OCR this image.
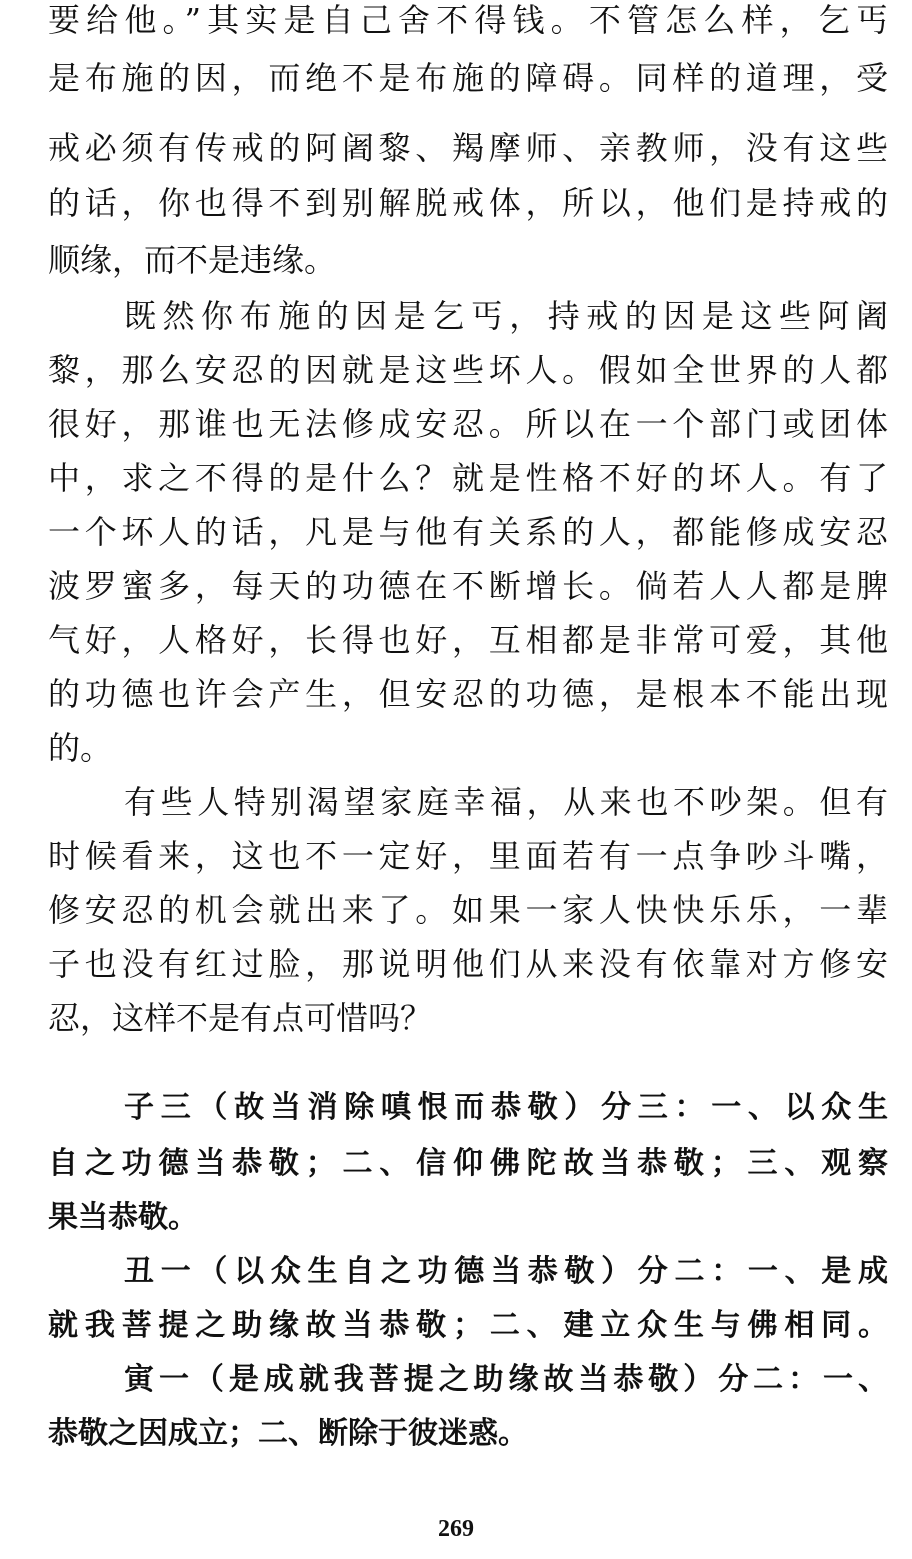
要给他。”其实是自己舍不得钱。不管怎么样，乞丐
是布施的因，而绝不是布施的障碍。同样的道理，受
戒必须有传戒的阿阇黎、羯摩师、亲教师，没有这些
的话，你也得不到别解脱戒体，所以，他们是持戒的
顺缘，而不是违缘。
既然你布施的因是乞丐，持戒的因是这些阿阇
黎，那么安忍的因就是这些坏人。假如全世界的人都
很好，那谁也无法修成安忍。所以在一个部门或团体
中，求之不得的是什么？就是性格不好的坏人。有了
一个坏人的话，凡是与他有关系的人，都能修成安忍
波罗蜜多，每天的功德在不断增长。倘若人人都是脾
气好，人格好，长得也好，互相都是非常可爱，其他
的功德也许会产生，但安忍的功德，是根本不能出现
的。
有些人特别渴望家庭幸福，从来也不吵架。但有
时候看来，这也不一定好，里面若有一点争吵斗嘴，
修安忍的机会就出来了。如果一家人快快乐乐，一辈
子也没有红过脸，那说明他们从来没有依靠对方修安
忍，这样不是有点可惜吗？
子三（故当消除嗔恨而恭敬）分三：一、以众生
自之功德当恭敬；二、信仰佛陀故当恭敬；三、观察
果当恭敬。
丑一（以众生自之功德当恭敬）分二：一、是成
就我菩提之助缘故当恭敬；二、建立众生与佛相同。
寅一（是成就我菩提之助缘故当恭敬）分二：一、
恭敬之因成立；二、断除于彼迷惑。
269
